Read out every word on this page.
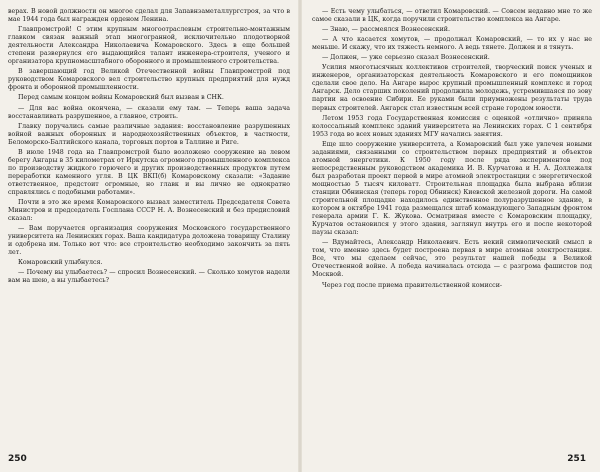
верах. В новой должности он многое сделал для Запавнзаметаллургстроя, за что в мае 1944 года был награжден орденом Ленина.

Главпромстрой! С этим крупным многоотраслевым строительно-монтажным главком связан важный этап многогранной, исключительно плодотворной деятельности Александра Николаевича Комаровского. Здесь в еще большей степени развернулся его выдающийся талант инженера-строителя, ученого и организатора крупномасштабного оборонного и промышленного строительства.

В завершающий год Великой Отечественной войны Главпромстрой под руководством Комаровского вел строительство крупных предприятий для нужд фронта и оборонной промышленности.

Перед самым концом войны Комаровский был вызван в СНК.

— Для вас война окончена, — сказали ему там. — Теперь ваша задача восстанавливать разрушенное, а главное, строить.

Главку поручались самые различные задания: восстановление разрушенных войной важных оборонных и народнохозяйственных объектов, в частности, Беломорско-Балтийского канала, торговых портов в Таллине и Риге.

В июле 1948 года на Главпромстрой было возложено сооружение на левом берегу Ангары в 35 километрах от Иркутска огромного промышленного комплекса по производству жидкого горючего и других производственных продуктов путем переработки каменного угля. В ЦК ВКП(б) Комаровскому сказали: «Задание ответственное, предстоит огромные, но главк и вы лично не однократно справлялись с подобными работами».

Почти в это же время Комаровского вызвал заместитель Председателя Совета Министров и председатель Госплана СССР Н. А. Вознесенский и без предисловий сказал:

— Вам поручается организация сооружения Московского государственного университета на Ленинских горах. Ваша кандидатура доложена товарищу Сталину и одобрена им. Только вот что: все строительство необходимо закончить за пять лет.

Комаровский улыбнулся.

— Почему вы улыбаетесь? — спросил Вознесенский. — Сколько хомутов надели вам на шею, а вы улыбаетесь?

250

— Есть чему улыбаться, — ответил Комаровский. — Совсем недавно мне то же самое сказали в ЦК, когда поручили строительство комплекса на Ангаре.

— Знаю, — рассмеялся Вознесенский.

— А что касается хомутов, — продолжал Комаровский, — то их у нас не меньше. И скажу, что их тяжесть немного. А ведь тянете. Должен и я тянуть.

— Должен, — уже серьезно сказал Вознесенский.

Усилия многотысячных коллективов строителей, творческий поиск ученых и инженеров, организаторская деятельность Комаровского и его помощников сделали свое дело. На Ангаре вырос крупный промышленный комплекс и город Ангарск. Дело старших поколений продолжила молодежь, устремившаяся по зову партии на освоение Сибири. Ее руками были приумножены результаты труда первых строителей. Ангарск стал известным всей стране городом юности.

Летом 1953 года Государственная комиссия с оценкой «отлично» приняла колоссальный комплекс зданий университета на Ленинских горах. С 1 сентября 1953 года во всех новых зданиях МГУ начались занятия.

Еще шло сооружение университета, а Комаровский был уже увлечен новыми заданиями, связанными со строительством первых предприятий и объектов атомной энергетики. К 1950 году после ряда экспериментов под непосредственным руководством академика И. В. Курчатова и Н. А. Доллежаля был разработан проект первой в мире атомной электростанции с энергетической мощностью 5 тысяч киловатт. Строительная площадка была выбрана вблизи станции Обнинская (теперь город Обнинск) Киевской железной дороги. На самой строительной площадке находилось единственное полуразрушенное здание, в котором в октябре 1941 года размещался штаб командующего Западным фронтом генерала армии Г. К. Жукова. Осматривая вместе с Комаровским площадку, Курчатов остановился у этого здания, заглянул внутрь его и после некоторой паузы сказал:

— Вдумайтесь, Александр Николаевич. Есть некий символический смысл в том, что именно здесь будет построена первая в мире атомная электростанция. Все, что мы сделаем сейчас, это результат нашей победы в Великой Отечественной войне. А победа начиналась отсюда — с разгрома фашистов под Москвой.

Через год после приема правительственной комисси-

251
